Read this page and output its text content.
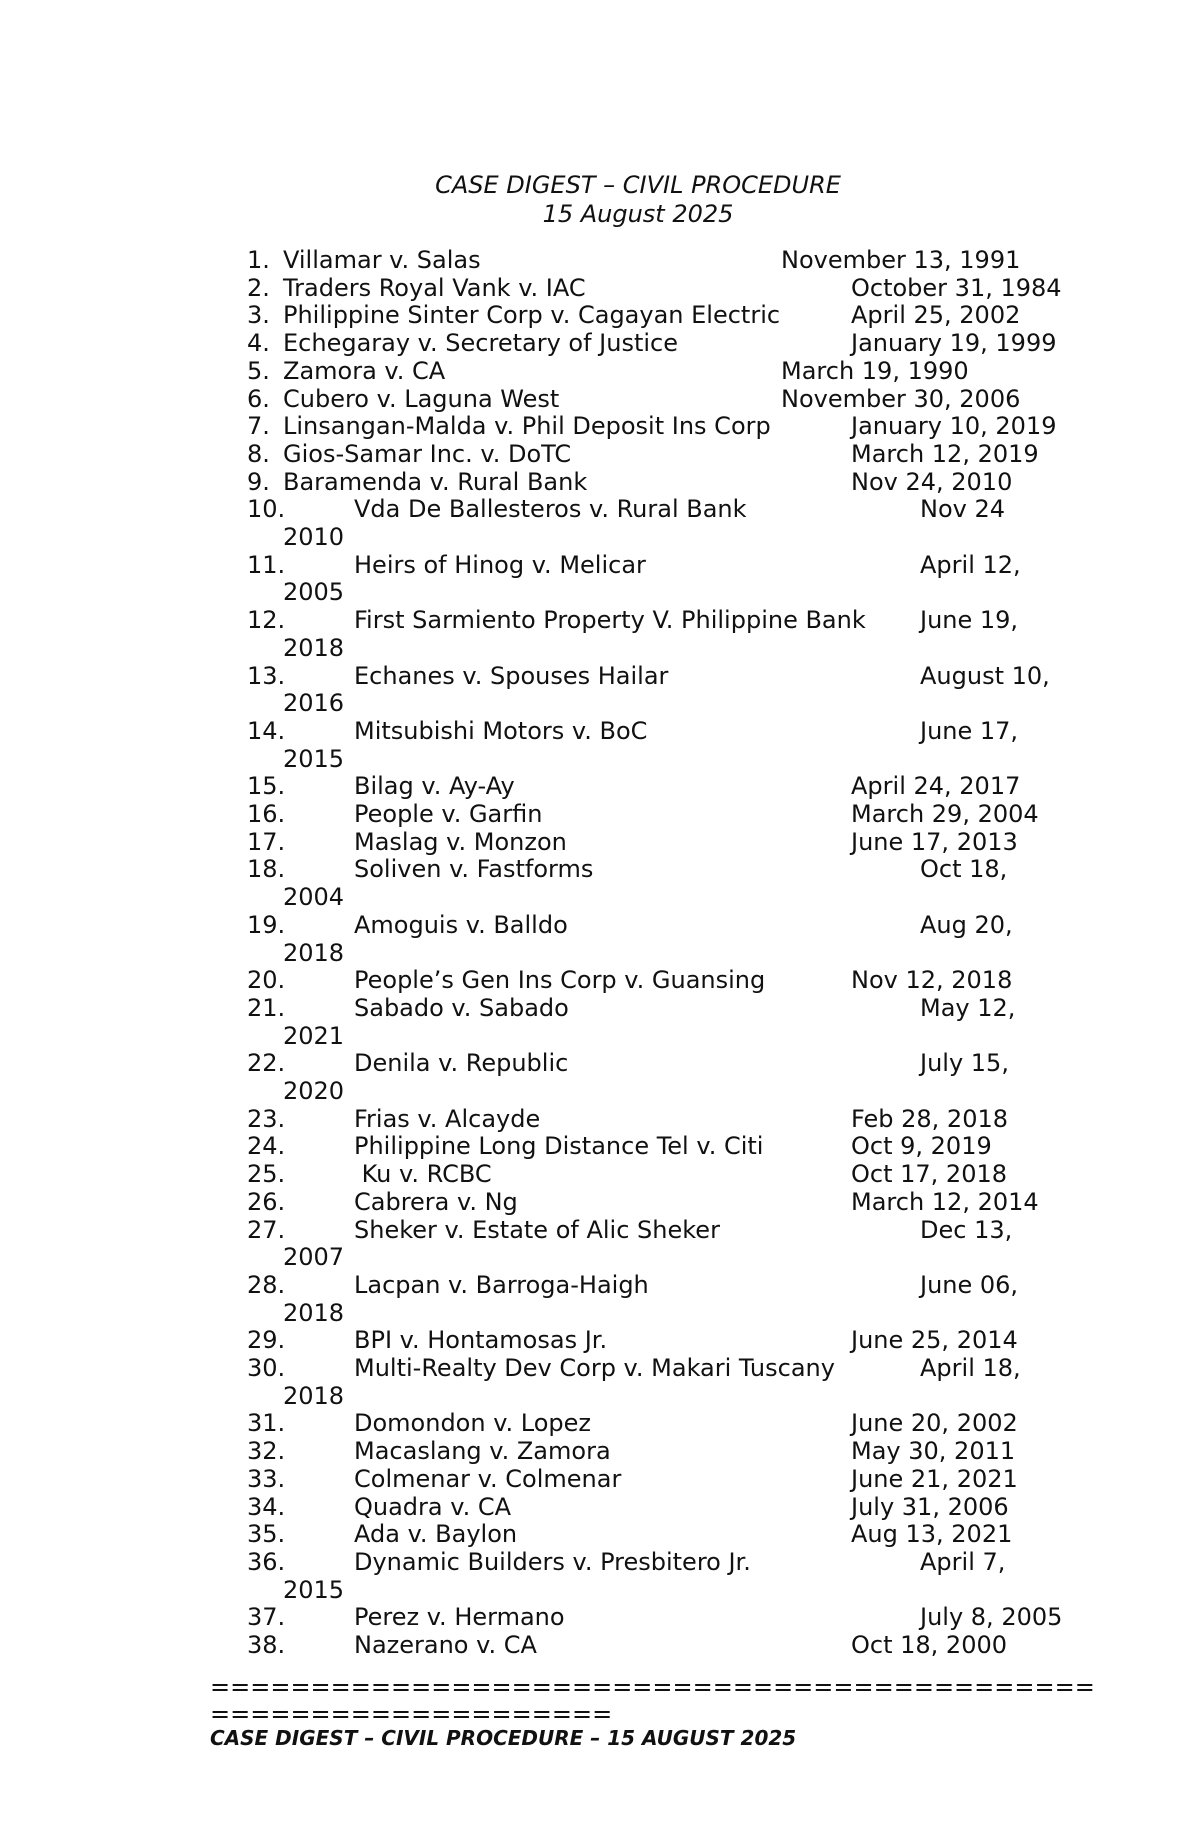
CASE DIGEST – CIVIL PROCEDURE
15 August 2025
1. Villamar v. Salas	November 13, 1991
2. Traders Royal Vank v. IAC	October 31, 1984
3. Philippine Sinter Corp v. Cagayan Electric	April 25, 2002
4. Echegaray v. Secretary of Justice	January 19, 1999
5. Zamora v. CA	March 19, 1990
6. Cubero v. Laguna West	November 30, 2006
7. Linsangan-Malda v. Phil Deposit Ins Corp	January 10, 2019
8. Gios-Samar Inc. v. DoTC	March 12, 2019
9. Baramenda v. Rural Bank	Nov 24, 2010
10.	Vda De Ballesteros v. Rural Bank	Nov 24
2010
11.	Heirs of Hinog v. Melicar	April 12,
2005
12.	First Sarmiento Property V. Philippine Bank June 19,
2018
13.	Echanes v. Spouses Hailar	August 10,
2016
14.	Mitsubishi Motors v. BoC	June 17,
2015
15.	Bilag v. Ay-Ay	April 24, 2017
16.	People v. Garfin	March 29, 2004
17.	Maslag v. Monzon	June 17, 2013
18.	Soliven v. Fastforms	Oct 18,
2004
19.	Amoguis v. Balldo	Aug 20,
2018
20.	People’s Gen Ins Corp v. Guansing	Nov 12, 2018
21.	Sabado v. Sabado	May 12,
2021
22.	Denila v. Republic	July 15,
2020
23.	Frias v. Alcayde	Feb 28, 2018
24.	Philippine Long Distance Tel v. Citi	Oct 9, 2019
25.	Ku v. RCBC	Oct 17, 2018
26.	Cabrera v. Ng	March 12, 2014
27.	Sheker v. Estate of Alic Sheker	Dec 13,
2007
28.	Lacpan v. Barroga-Haigh	June 06,
2018
29.	BPI v. Hontamosas Jr.	June 25, 2014
30.	Multi-Realty Dev Corp v. Makari Tuscany	April 18,
2018
31.	Domondon v. Lopez	June 20, 2002
32.	Macaslang v. Zamora	May 30, 2011
33.	Colmenar v. Colmenar	June 21, 2021
34.	Quadra v. CA	July 31, 2006
35.	Ada v. Baylon	Aug 13, 2021
36.	Dynamic Builders v. Presbitero Jr.	April 7,
2015
37.	Perez v. Hermano	July 8, 2005
38.	Nazerano v. CA	Oct 18, 2000
============================================
====================
CASE DIGEST – CIVIL PROCEDURE – 15 AUGUST 2025
